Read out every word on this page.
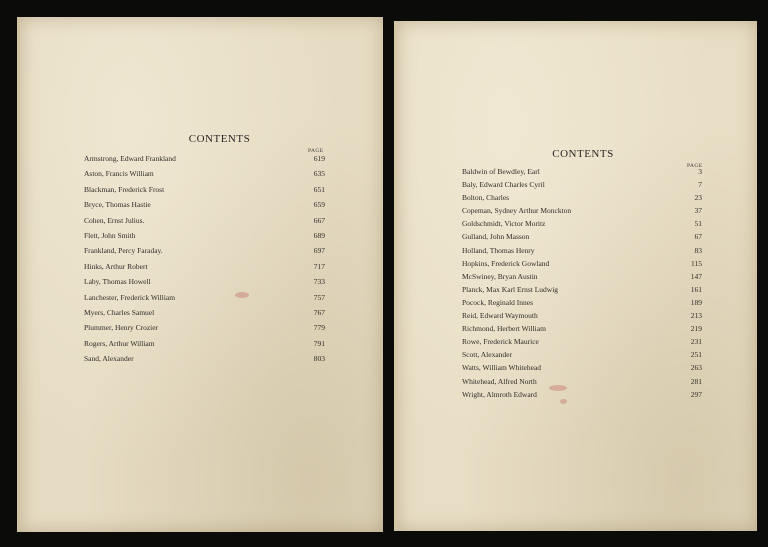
CONTENTS
PAGE
Armstrong, Edward Frankland	619
Aston, Francis William	635
Blackman, Frederick Frost	651
Bryce, Thomas Hastie	659
Cohen, Ernst Julius.	667
Flett, John Smith	689
Frankland, Percy Faraday.	697
Hinks, Arthur Robert	717
Laby, Thomas Howell	733
Lanchester, Frederick William	757
Myers, Charles Samuel	767
Plummer, Henry Crozier	779
Rogers, Arthur William	791
Sand, Alexander	803
CONTENTS
PAGE
Baldwin of Bewdley, Earl	3
Baly, Edward Charles Cyril	7
Bolton, Charles	23
Copeman, Sydney Arthur Monckton	37
Goldschmidt, Victor Moritz	51
Gulland, John Masson	67
Holland, Thomas Henry	83
Hopkins, Frederick Gowland	115
McSwiney, Bryan Austin	147
Planck, Max Karl Ernst Ludwig	161
Pocock, Reginald Innes	189
Reid, Edward Waymouth	213
Richmond, Herbert William	219
Rowe, Frederick Maurice	231
Scott, Alexander	251
Watts, William Whitehead	263
Whitehead, Alfred North	281
Wright, Almroth Edward	297
